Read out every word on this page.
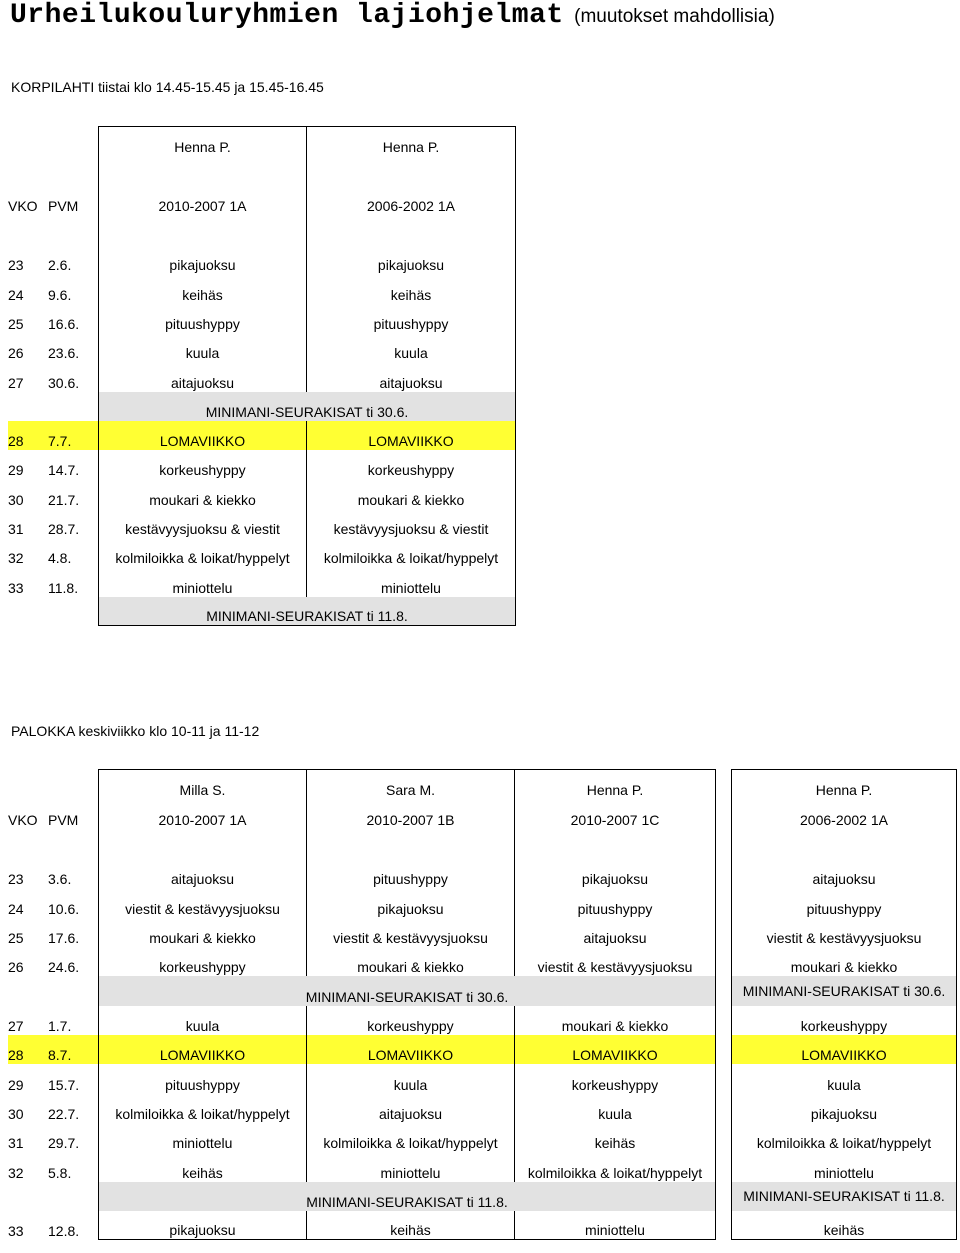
Urheilukouluryhmien lajiohjelmat (muutokset mahdollisia)
KORPILAHTI tiistai klo 14.45-15.45 ja 15.45-16.45
Henna P.	Henna P.
VKO PVM	2010-2007 1A	2006-2002 1A
23	2.6.	pikajuoksu	pikajuoksu
24	9.6.	keihäs	keihäs
25	16.6.	pituushyppy	pituushyppy
26	23.6.	kuula	kuula
27	30.6.	aitajuoksu	aitajuoksu
MINIMANI-SEURAKISAT ti 30.6.
28	7.7.	LOMAVIIKKO	LOMAVIIKKO
29	14.7.	korkeushyppy	korkeushyppy
30	21.7.	moukari & kiekko	moukari & kiekko
31	28.7.	kestävyysjuoksu & viestit	kestävyysjuoksu & viestit
32	4.8.	kolmiloikka & loikat/hyppelyt	kolmiloikka & loikat/hyppelyt
33	11.8.	miniottelu	miniottelu
MINIMANI-SEURAKISAT ti 11.8.
PALOKKA keskiviikko klo 10-11 ja 11-12
Milla S.	Sara M.	Henna P.	Henna P.
VKO PVM	2010-2007 1A	2010-2007 1B	2010-2007 1C	2006-2002 1A
23	3.6.	aitajuoksu	pituushyppy	pikajuoksu	aitajuoksu
24	10.6.	viestit & kestävyysjuoksu	pikajuoksu	pituushyppy	pituushyppy
25	17.6.	moukari & kiekko	viestit & kestävyysjuoksu	aitajuoksu	viestit & kestävyysjuoksu
26	24.6.	korkeushyppy	moukari & kiekko	viestit & kestävyysjuoksu	moukari & kiekko
MINIMANI-SEURAKISAT ti 30.6.	MINIMANI-SEURAKISAT ti 30.6.
27	1.7.	kuula	korkeushyppy	moukari & kiekko	korkeushyppy
28	8.7.	LOMAVIIKKO	LOMAVIIKKO	LOMAVIIKKO	LOMAVIIKKO
29	15.7.	pituushyppy	kuula	korkeushyppy	kuula
30	22.7.	kolmiloikka & loikat/hyppelyt	aitajuoksu	kuula	pikajuoksu
31	29.7.	miniottelu	kolmiloikka & loikat/hyppelyt	keihäs	kolmiloikka & loikat/hyppelyt
32	5.8.	keihäs	miniottelu	kolmiloikka & loikat/hyppelyt	miniottelu
MINIMANI-SEURAKISAT ti 11.8.	MINIMANI-SEURAKISAT ti 11.8.
33	12.8.	pikajuoksu	keihäs	miniottelu	keihäs
